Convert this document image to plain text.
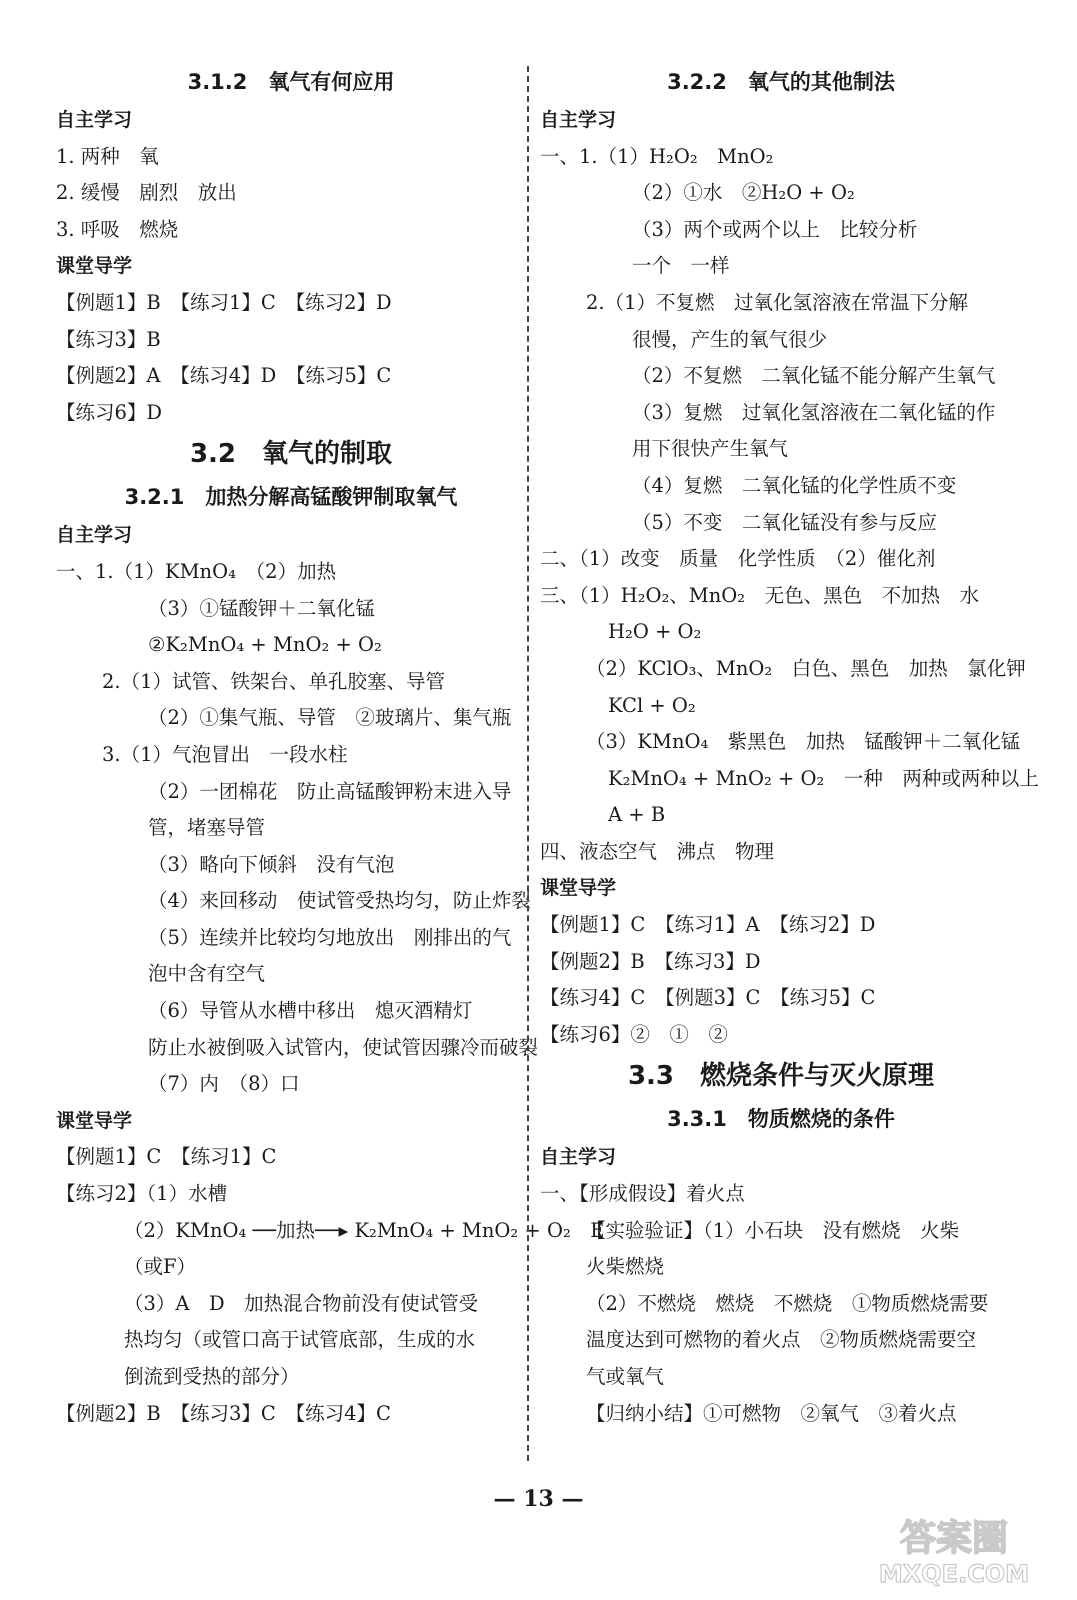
3.1.2　氧气有何应用
自主学习
1. 两种　氧
2. 缓慢　剧烈　放出
3. 呼吸　燃烧
课堂导学
【例题1】B　【练习1】C　【练习2】D
【练习3】B
【例题2】A　【练习4】D　【练习5】C
【练习6】D
3.2　氧气的制取
3.2.1　加热分解高锰酸钾制取氧气
自主学习
一、1.（1）KMnO₄　（2）加热
（3）①锰酸钾＋二氧化锰
②K₂MnO₄ + MnO₂ + O₂
2.（1）试管、铁架台、单孔胶塞、导管
（2）①集气瓶、导管　②玻璃片、集气瓶
3.（1）气泡冒出　一段水柱
（2）一团棉花　防止高锰酸钾粉末进入导
管，堵塞导管
（3）略向下倾斜　没有气泡
（4）来回移动　使试管受热均匀，防止炸裂
（5）连续并比较均匀地放出　刚排出的气
泡中含有空气
（6）导管从水槽中移出　熄灭酒精灯
防止水被倒吸入试管内，使试管因骤冷而破裂
（7）内　（8）口
课堂导学
【例题1】C　【练习1】C
【练习2】（1）水槽
（2）KMnO₄ ──加热──▸ K₂MnO₄ + MnO₂ + O₂　E
（或F）
（3）A　D　加热混合物前没有使试管受
热均匀（或管口高于试管底部，生成的水
倒流到受热的部分）
【例题2】B　【练习3】C　【练习4】C
3.2.2　氧气的其他制法
自主学习
一、1.（1）H₂O₂　MnO₂
（2）①水　②H₂O + O₂
（3）两个或两个以上　比较分析
一个　一样
2.（1）不复燃　过氧化氢溶液在常温下分解
很慢，产生的氧气很少
（2）不复燃　二氧化锰不能分解产生氧气
（3）复燃　过氧化氢溶液在二氧化锰的作
用下很快产生氧气
（4）复燃　二氧化锰的化学性质不变
（5）不变　二氧化锰没有参与反应
二、（1）改变　质量　化学性质　（2）催化剂
三、（1）H₂O₂、MnO₂　无色、黑色　不加热　水
H₂O + O₂
（2）KClO₃、MnO₂　白色、黑色　加热　氯化钾
KCl + O₂
（3）KMnO₄　紫黑色　加热　锰酸钾＋二氧化锰
K₂MnO₄ + MnO₂ + O₂　一种　两种或两种以上
A + B
四、液态空气　沸点　物理
课堂导学
【例题1】C　【练习1】A　【练习2】D
【例题2】B　【练习3】D
【练习4】C　【例题3】C　【练习5】C
【练习6】②　①　②
3.3　燃烧条件与灭火原理
3.3.1　物质燃烧的条件
自主学习
一、【形成假设】着火点
【实验验证】（1）小石块　没有燃烧　火柴
火柴燃烧
（2）不燃烧　燃烧　不燃烧　①物质燃烧需要
温度达到可燃物的着火点　②物质燃烧需要空
气或氧气
【归纳小结】①可燃物　②氧气　③着火点
— 13 —
答案圈
MXQE.COM
